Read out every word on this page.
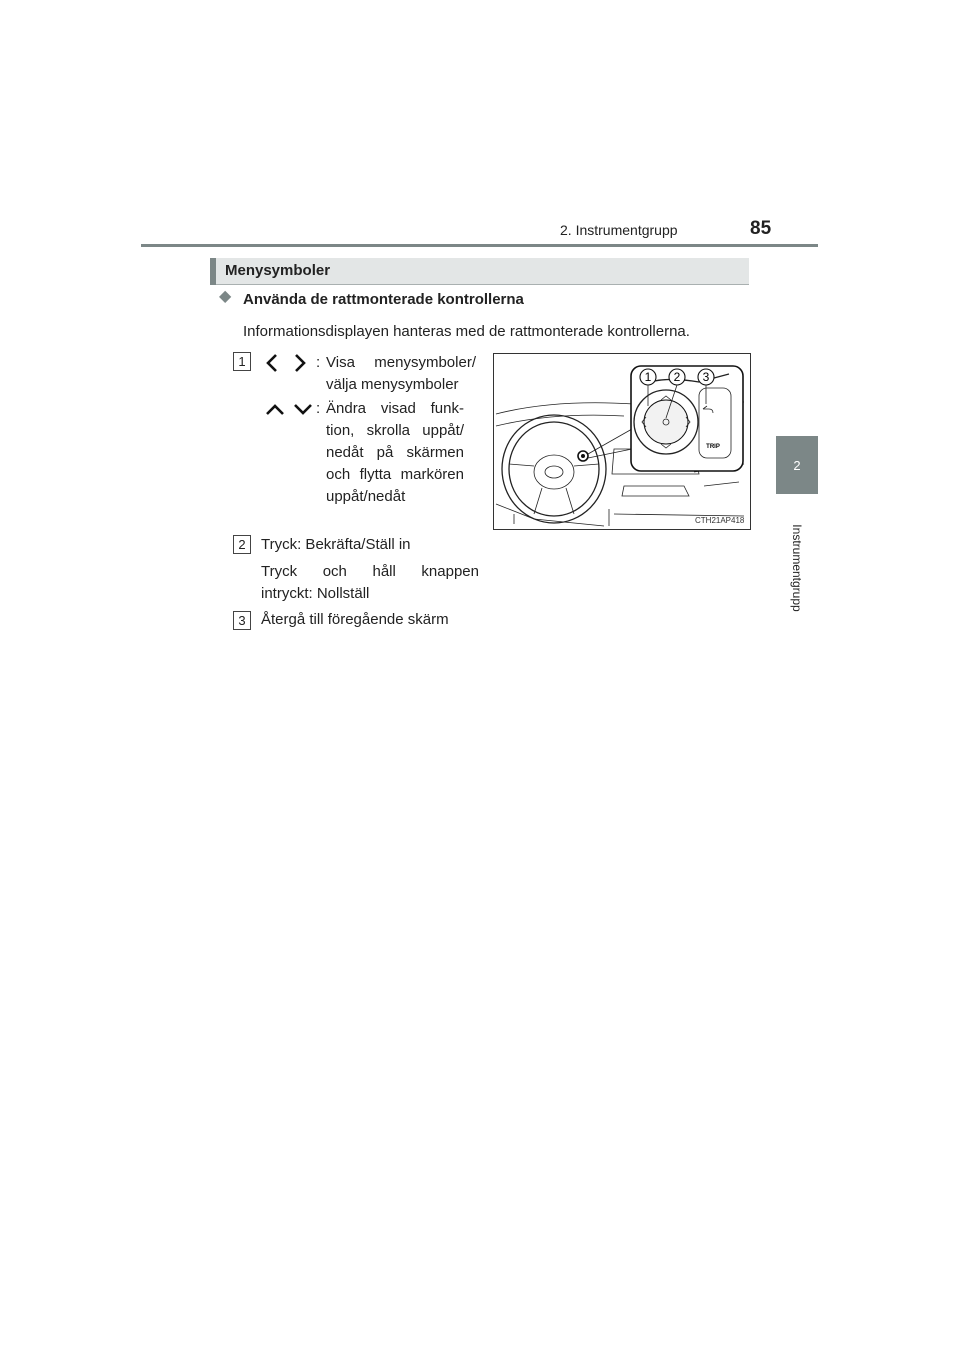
2. Instrumentgrupp	85
2
Instrumentgrupp
Menysymboler
◆ Använda de rattmonterade kontrollerna
Informationsdisplayen hanteras med de rattmonterade kontrollerna.
1	: Visa menysymboler/
välja menysymboler
: Ändra visad funk-
tion, skrolla uppåt/
nedåt på skärmen
och flytta markören
uppåt/nedåt
2	Tryck: Bekräfta/Ställ in
Tryck och håll knappen
intryckt: Nollställ
3	Återgå till föregående skärm
1 2 3
TRIP
CTH21AP418
